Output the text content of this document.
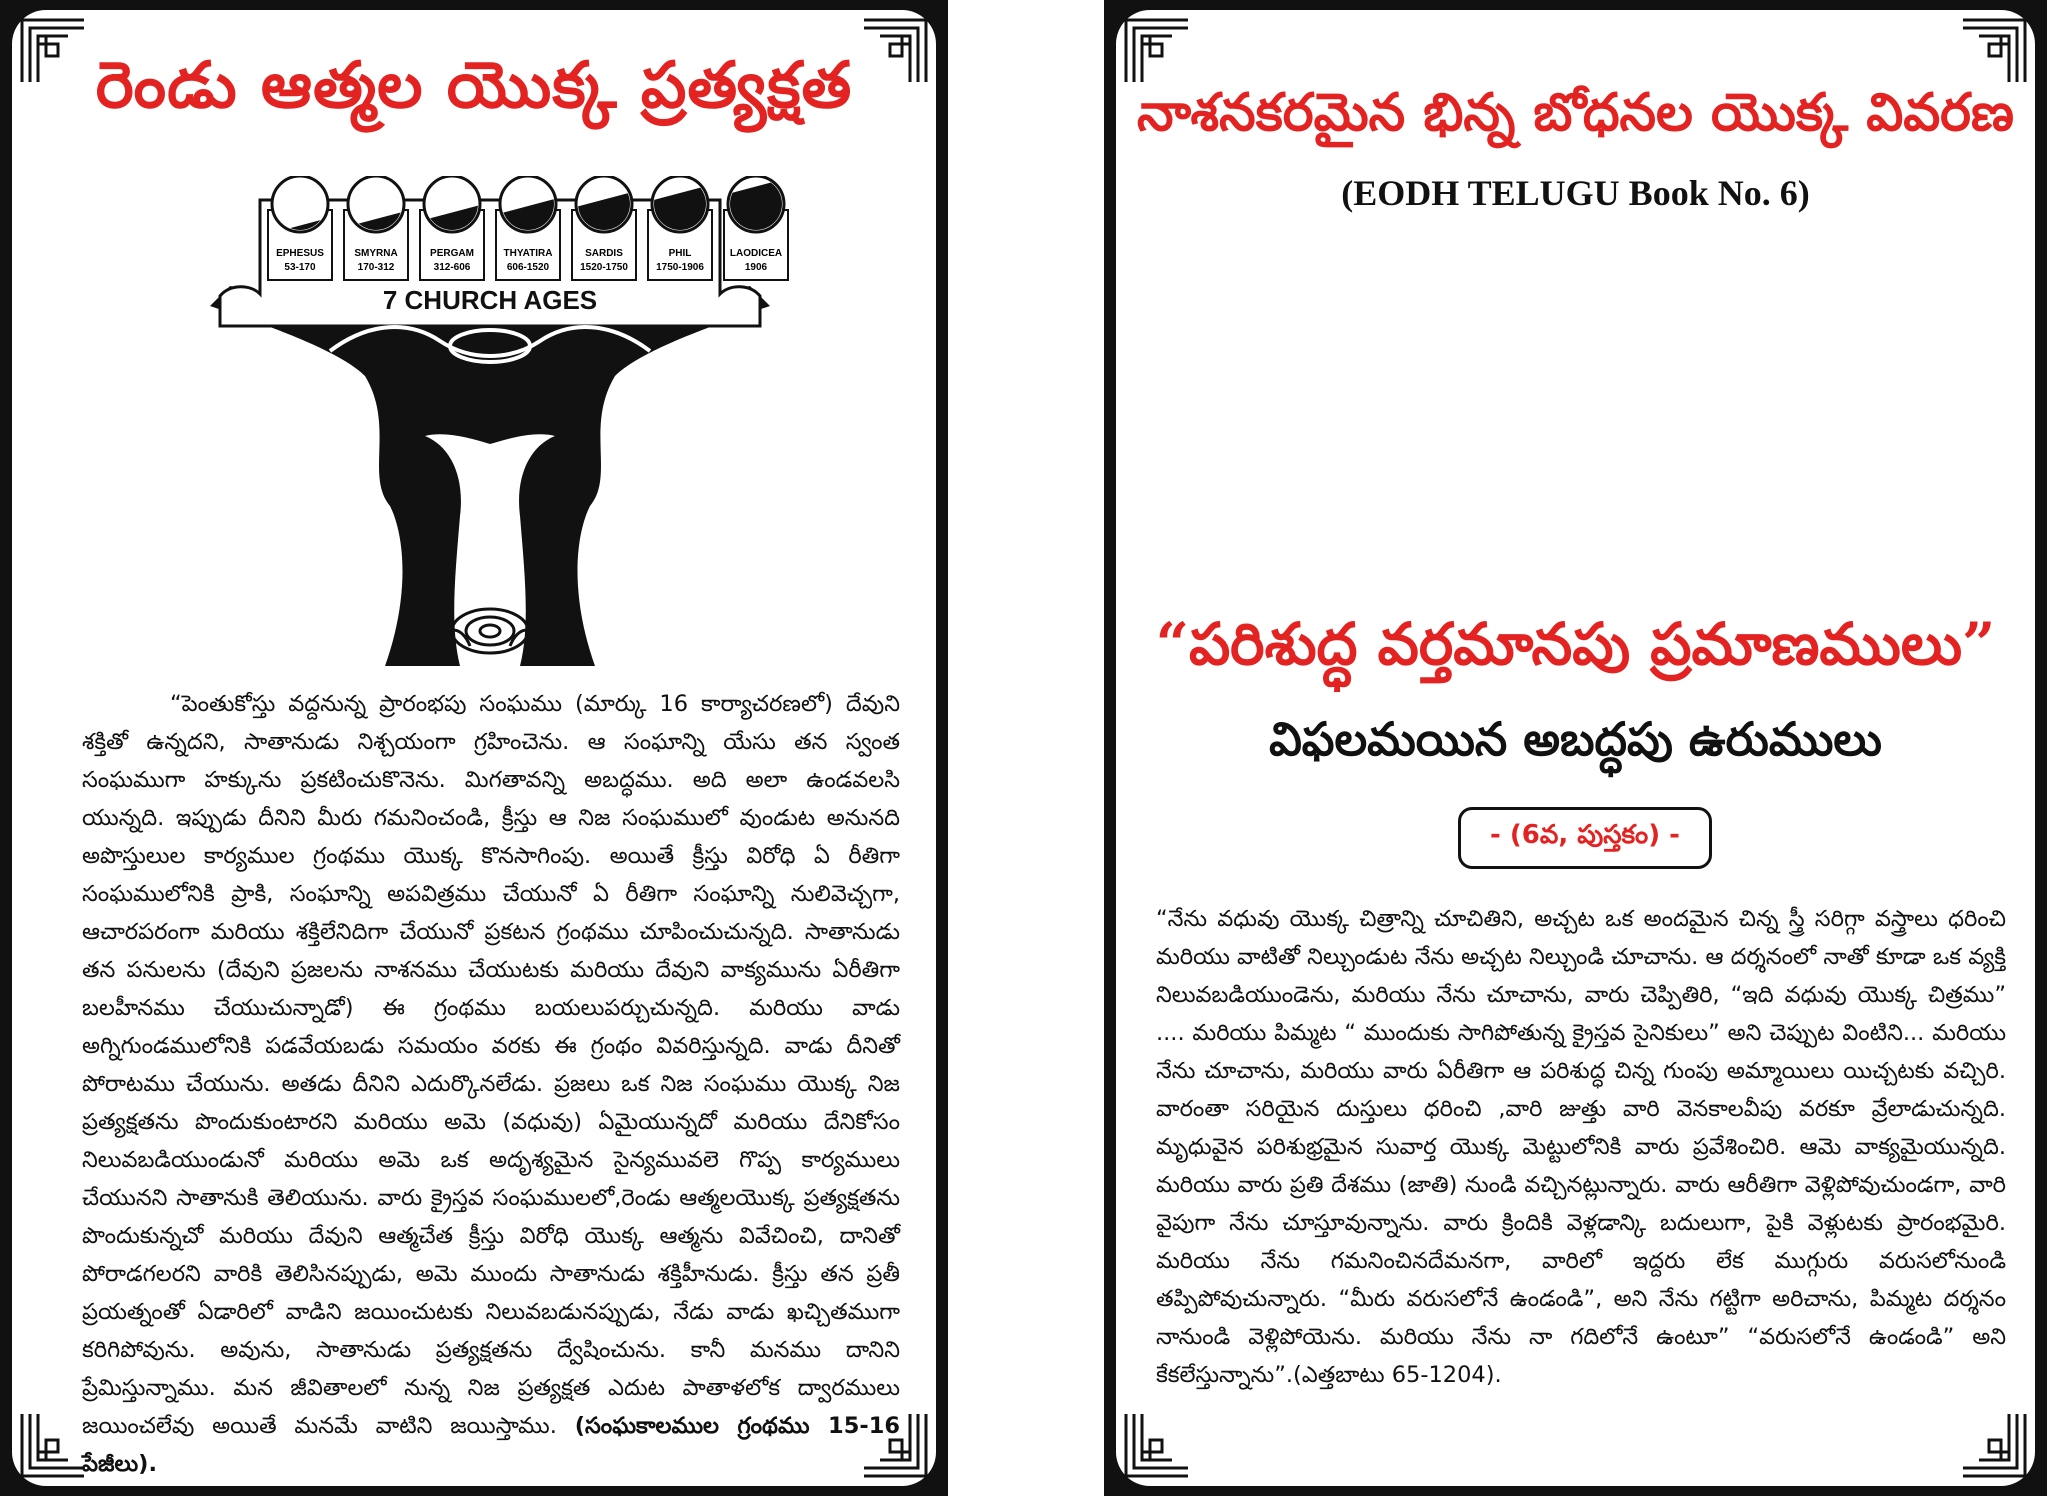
రెండు ఆత్మల యొక్క ప్రత్యక్షత
EPHESUS
53-170
SMYRNA
170-312
PERGAM
312-606
THYATIRA
606-1520
SARDIS
1520-1750
PHIL
1750-1906
LAODICEA
1906
7 CHURCH AGES

“పెంతుకోస్తు వద్దనున్న ప్రారంభపు సంఘము (మార్కు 16 కార్యాచరణలో) దేవుని శక్తితో ఉన్నదని, సాతానుడు నిశ్చయంగా గ్రహించెను. ఆ సంఘాన్ని యేసు తన స్వంత సంఘముగా హక్కును ప్రకటించుకొనెను. మిగతావన్ని అబద్ధము. అది అలా ఉండవలసి యున్నది. ఇప్పుడు దీనిని మీరు గమనించండి, క్రీస్తు ఆ నిజ సంఘములో వుండుట అనునది అపొస్తులుల కార్యముల గ్రంథము యొక్క కొనసాగింపు. అయితే క్రీస్తు విరోధి ఏ రీతిగా సంఘములోనికి ప్రాకి, సంఘాన్ని అపవిత్రము చేయునో ఏ రీతిగా సంఘాన్ని నులివెచ్చగా, ఆచారపరంగా మరియు శక్తిలేనిదిగా చేయునో ప్రకటన గ్రంథము చూపించుచున్నది. సాతానుడు తన పనులను (దేవుని ప్రజలను నాశనము చేయుటకు మరియు దేవుని వాక్యమును ఏరీతిగా బలహీనము చేయుచున్నాడో) ఈ గ్రంథము బయలుపర్చుచున్నది. మరియు వాడు అగ్నిగుండములోనికి పడవేయబడు సమయం వరకు ఈ గ్రంథం వివరిస్తున్నది. వాడు దీనితో పోరాటము చేయును. అతడు దీనిని ఎదుర్కొనలేడు. ప్రజలు ఒక నిజ సంఘము యొక్క నిజ ప్రత్యక్షతను పొందుకుంటారని మరియు అమె (వధువు) ఏమైయున్నదో మరియు దేనికోసం నిలువబడియుండునో మరియు అమె ఒక అదృశ్యమైన సైన్యమువలె గొప్ప కార్యములు చేయునని సాతానుకి తెలియును. వారు క్రైస్తవ సంఘములలో,రెండు ఆత్మలయొక్క ప్రత్యక్షతను పొందుకున్నచో మరియు దేవుని ఆత్మచేత క్రీస్తు విరోధి యొక్క ఆత్మను వివేచించి, దానితో పోరాడగలరని వారికి తెలిసినప్పుడు, అమె ముందు సాతానుడు శక్తిహీనుడు. క్రీస్తు తన ప్రతీ ప్రయత్నంతో ఏడారిలో వాడిని జయించుటకు నిలువబడునప్పుడు, నేడు వాడు ఖచ్చితముగా కరిగిపోవును. అవును, సాతానుడు ప్రత్యక్షతను ద్వేషించును. కానీ మనము దానిని ప్రేమిస్తున్నాము. మన జీవితాలలో నున్న నిజ ప్రత్యక్షత ఎదుట పాతాళలోక ద్వారములు జయించలేవు అయితే మనమే వాటిని జయిస్తాము. (సంఘకాలముల గ్రంథము 15-16 పేజీలు).

నాశనకరమైన భిన్న బోధనల యొక్క వివరణ
(EODH TELUGU Book No. 6)
“పరిశుద్ధ వర్తమానపు ప్రమాణములు”
విఫలమయిన అబద్ధపు ఉరుములు
- (6వ, పుస్తకం) -

“నేను వధువు యొక్క చిత్రాన్ని చూచితిని, అచ్చట ఒక అందమైన చిన్న స్త్రీ సరిగ్గా వస్త్రాలు ధరించి మరియు వాటితో నిల్చుండుట నేను అచ్చట నిల్చుండి చూచాను. ఆ దర్శనంలో నాతో కూడా ఒక వ్యక్తి నిలువబడియుండెను, మరియు నేను చూచాను, వారు చెప్పితిరి, “ఇది వధువు యొక్క చిత్రము” .... మరియు పిమ్మట “ ముందుకు సాగిపోతున్న క్రైస్తవ సైనికులు” అని చెప్పుట వింటిని... మరియు నేను చూచాను, మరియు వారు ఏరీతిగా ఆ పరిశుద్ధ చిన్న గుంపు అమ్మాయిలు యిచ్చటకు వచ్చిరి. వారంతా సరియైన దుస్తులు ధరించి ,వారి జుత్తు వారి వెనకాలవీపు వరకూ వ్రేలాడుచున్నది. మృధువైన పరిశుభ్రమైన సువార్త యొక్క మెట్టులోనికి వారు ప్రవేశించిరి. ఆమె వాక్యమైయున్నది. మరియు వారు ప్రతి దేశము (జాతి) నుండి వచ్చినట్లున్నారు. వారు ఆరీతిగా వెళ్లిపోవుచుండగా, వారి వైపుగా నేను చూస్తూవున్నాను. వారు క్రిందికి వెళ్లడాన్కి బదులుగా, పైకి వెళ్లుటకు ప్రారంభమైరి. మరియు నేను గమనించినదేమనగా, వారిలో ఇద్దరు లేక ముగ్గురు వరుసలోనుండి తప్పిపోవుచున్నారు. “మీరు వరుసలోనే ఉండండి”, అని నేను గట్టిగా అరిచాను, పిమ్మట దర్శనం నానుండి వెళ్లిపోయెను. మరియు నేను నా గదిలోనే ఉంటూ” “వరుసలోనే ఉండండి” అని కేకలేస్తున్నాను”.(ఎత్తబాటు 65-1204).
